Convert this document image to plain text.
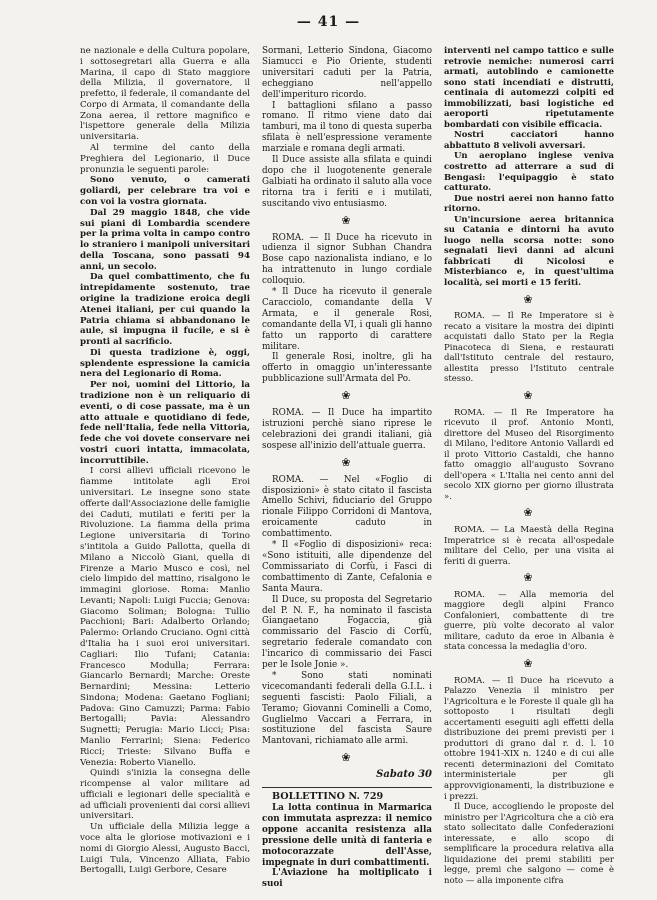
— 41 —

ne nazionale e della Cultura popolare, i sottosegretari alla Guerra e alla Marina, il capo di Stato maggiore della Milizia, il governatore, il prefetto, il federale, il comandante del Corpo di Armata, il comandante della Zona aerea, il rettore magnifico e l'ispettore generale della Milizia universitaria.

Al termine del canto della Preghiera del Legionario, il Duce pronunzia le seguenti parole:

Sono venuto, o camerati goliardi, per celebrare tra voi e con voi la vostra giornata.

Dal 29 maggio 1848, che vide sui piani di Lombardia scendere per la prima volta in campo contro lo straniero i manipoli universitari della Toscana, sono passati 94 anni, un secolo.

Da quel combattimento, che fu intrepidamente sostenuto, trae origine la tradizione eroica degli Atenei italiani, per cui quando la Patria chiama si abbandonano le aule, si impugna il fucile, e si è pronti al sacrificio.

Di questa tradizione è, oggi, splendente espressione la camicia nera del Legionario di Roma.

Per noi, uomini del Littorio, la tradizione non è un reliquario di eventi, o di cose passate, ma è un atto attuale e quotidiano di fede, fede nell'Italia, fede nella Vittoria, fede che voi dovete conservare nei vostri cuori intatta, immacolata, incorruttibile.

I corsi allievi ufficiali ricevono le fiamme intitolate agli Eroi universitari. Le insegne sono state offerte dall'Associazione delle famiglie dei Caduti, mutilati e feriti per la Rivoluzione. La fiamma della prima Legione universitaria di Torino s'intitola a Guido Pallotta, quella di Milano a Niccolò Giani, quella di Firenze a Mario Musco e così, nel cielo limpido del mattino, risalgono le immagini gloriose. Roma: Manlio Levanti; Napoli: Luigi Fuccia; Genova: Giacomo Soliman; Bologna: Tullio Pacchioni; Bari: Adalberto Orlando; Palermo: Orlando Cruciano. Ogni città d'Italia ha i suoi eroi universitari. Cagliari: Ilio Tufani; Catania: Francesco Modulla; Ferrara: Giancarlo Bernardi; Marche: Oreste Bernardini; Messina: Letterio Sindona; Modena: Gaetano Fogliani; Padova: Gino Camuzzi; Parma: Fabio Bertogalli; Pavia: Alessandro Sugnetti; Perugia: Mario Licci; Pisa: Manlio Ferrarini; Siena: Federico Ricci; Trieste: Silvano Buffa e Venezia: Roberto Vianello.

Quindi s'inizia la consegna delle ricompense al valor militare ad ufficiali e legionari delle specialità e ad ufficiali provenienti dai corsi allievi universitari.

Un ufficiale della Milizia legge a voce alta le gloriose motivazioni e i nomi di Giorgio Alessi, Augusto Bacci, Luigi Tula, Vincenzo Alliata, Fabio Bertogalli, Luigi Gerbore, Cesare

Sormani, Letterio Sindona, Giacomo Siamucci e Pio Oriente, studenti universitari caduti per la Patria, echeggiano nell'appello dell'imperituro ricordo.

I battaglioni sfilano a passo romano. Il ritmo viene dato dai tamburi, ma il tono di questa superba sfilata è nell'espressione veramente marziale e romana degli armati.

Il Duce assiste alla sfilata e quindi dopo che il luogotenente generale Galbiati ha ordinato il saluto alla voce ritorna tra i feriti e i mutilati, suscitando vivo entusiasmo.

❀

ROMA. — Il Duce ha ricevuto in udienza il signor Subhan Chandra Bose capo nazionalista indiano, e lo ha intrattenuto in lungo cordiale colloquio.

* Il Duce ha ricevuto il generale Caracciolo, comandante della V Armata, e il generale Rosi, comandante della VI, i quali gli hanno fatto un rapporto di carattere militare.

Il generale Rosi, inoltre, gli ha offerto in omaggio un'interessante pubblicazione sull'Armata del Po.

❀

ROMA. — Il Duce ha impartito istruzioni perchè siano riprese le celebrazioni dei grandi italiani, già sospese all'inizio dell'attuale guerra.

❀

ROMA. — Nel «Foglio di disposizioni» è stato citato il fascista Amello Schivi, fiduciario del Gruppo rionale Filippo Corridoni di Mantova, eroicamente caduto in combattimento.

* Il «Foglio di disposizioni» reca: «Sono istituiti, alle dipendenze del Commissariato di Corfù, i Fasci di combattimento di Zante, Cefalonia e Santa Maura.

Il Duce, su proposta del Segretario del P. N. F., ha nominato il fascista Giangaetano Fogaccia, già commissario del Fascio di Corfù, segretario federale comandato con l'incarico di commissario dei Fasci per le Isole Jonie ».

* Sono stati nominati vicecomandanti federali della G.I.L. i seguenti fascisti: Paolo Filiali, a Teramo; Giovanni Cominelli a Como, Guglielmo Vaccari a Ferrara, in sostituzione del fascista Saure Mantovani, richiamato alle armi.

❀
Sabato 30

BOLLETTINO N. 729

La lotta continua in Marmarica con immutata asprezza: il nemico oppone accanita resistenza alla pressione delle unità di fanteria e motocorazzate dell'Asse, impegnate in duri combattimenti.

L'Aviazione ha moltiplicato i suoi

interventi nel campo tattico e sulle retrovie nemiche: numerosi carri armati, autoblindo e camionette sono stati incendiati e distrutti, centinaia di automezzi colpiti ed immobilizzati, basi logistiche ed aeroporti ripetutamente bombardati con visibile efficacia.

Nostri cacciatori hanno abbattuto 8 velivoli avversari.

Un aeroplano inglese veniva costretto ad atterrare a sud di Bengasi: l'equipaggio è stato catturato.

Due nostri aerei non hanno fatto ritorno.

Un'incursione aerea britannica su Catania e dintorni ha avuto luogo nella scorsa notte: sono segnalati lievi danni ad alcuni fabbricati di Nicolosi e Misterbianco e, in quest'ultima località, sei morti e 15 feriti.

❀

ROMA. — Il Re Imperatore si è recato a visitare la mostra dei dipinti acquistati dallo Stato per la Regia Pinacoteca di Siena, e restaurati dall'Istituto centrale del restauro, allestita presso l'Istituto centrale stesso.

❀

ROMA. — Il Re Imperatore ha ricevuto il prof. Antonio Monti, direttore del Museo del Risorgimento di Milano, l'editore Antonio Vallardi ed il proto Vittorio Castaldi, che hanno fatto omaggio all'augusto Sovrano dell'opera « L'Italia nei cento anni del secolo XIX giorno per giorno illustrata ».

❀

ROMA. — La Maestà della Regina Imperatrice si è recata all'ospedale militare del Celio, per una visita ai feriti di guerra.

❀

ROMA. — Alla memoria del maggiore degli alpini Franco Confalonieri, combattente di tre guerre, più volte decorato al valor militare, caduto da eroe in Albania è stata concessa la medaglia d'oro.

❀

ROMA. — Il Duce ha ricevuto a Palazzo Venezia il ministro per l'Agricoltura e le Foreste il quale gli ha sottoposto i risultati degli accertamenti eseguiti agli effetti della distribuzione dei premi previsti per i produttori di grano dal r. d. l. 10 ottobre 1941-XIX n. 1240 e di cui alle recenti determinazioni del Comitato interministeriale per gli approvvigionamenti, la distribuzione e i prezzi.

Il Duce, accogliendo le proposte del ministro per l'Agricoltura che a ciò era stato sollecitato dalle Confederazioni interessate, e allo scopo di semplificare la procedura relativa alla liquidazione dei premi stabiliti per legge, premi che salgono — come è noto — alla imponente cifra
